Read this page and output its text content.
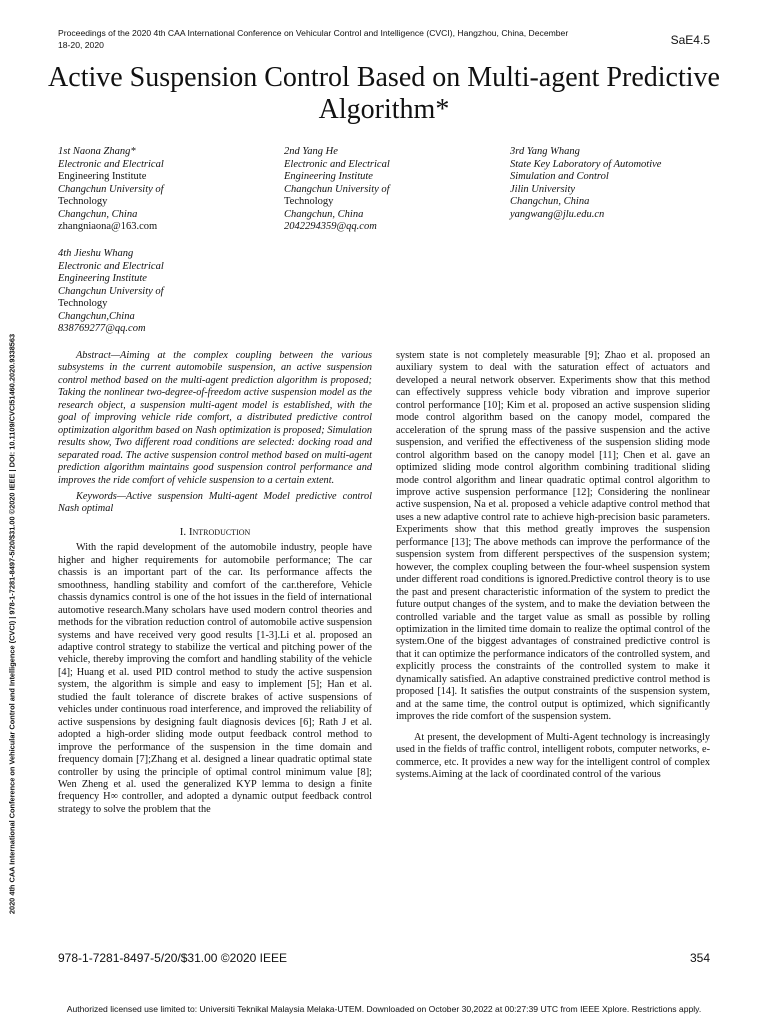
Proceedings of the 2020 4th CAA International Conference on Vehicular Control and Intelligence (CVCI), Hangzhou, China, December 18-20, 2020	SaE4.5
Active Suspension Control Based on Multi-agent Predictive Algorithm*
1st Naona Zhang*
Electronic and Electrical
Engineering Institute
Changchun University of
Technology
Changchun, China
zhangniaona@163.com
2nd Yang He
Electronic and Electrical
Engineering Institute
Changchun University of
Technology
Changchun, China
2042294359@qq.com
3rd Yang Whang
State Key Laboratory of Automotive
Simulation and Control
Jilin University
Changchun, China
yangwang@jlu.edu.cn
4th Jieshu Whang
Electronic and Electrical
Engineering Institute
Changchun University of
Technology
Changchun,China
838769277@qq.com
2020 4th CAA International Conference on Vehicular Control and Intelligence (CVCI) | 978-1-7281-8497-5/20/$31.00 ©2020 IEEE | DOI: 10.1109/CVCI51460.2020.9338563	Abstract—Aiming at the complex coupling between the various subsystems in the current automobile suspension, an active suspension control method based on the multi-agent prediction algorithm is proposed; Taking the nonlinear two-degree-of-freedom active suspension model as the research object, a suspension multi-agent model is established, with the goal of improving vehicle ride comfort, a distributed predictive control optimization algorithm based on Nash optimization is proposed; Simulation results show, Two different road conditions are selected: docking road and separated road. The active suspension control method based on multi-agent prediction algorithm maintains good suspension control performance and improves the ride comfort of vehicle suspension to a certain extent.

Keywords—Active suspension Multi-agent Model predictive control Nash optimal

I. Introduction

With the rapid development of the automobile industry, people have higher and higher requirements for automobile performance; The car chassis is an important part of the car. Its performance affects the smoothness, handling stability and comfort of the car.therefore, Vehicle chassis dynamics control is one of the hot issues in the field of international automotive research.Many scholars have used modern control theories and methods for the vibration reduction control of automobile active suspension systems and have received very good results [1-3].Li et al. proposed an adaptive control strategy to stabilize the vertical and pitching power of the vehicle, thereby improving the comfort and handling stability of the vehicle [4]; Huang et al. used PID control method to study the active suspension system, the algorithm is simple and easy to implement [5]; Han et al. studied the fault tolerance of discrete brakes of active suspensions of vehicles under continuous road interference, and improved the reliability of active suspensions by designing fault diagnosis devices [6]; Rath J et al. adopted a high-order sliding mode output feedback control method to improve the performance of the suspension in the time domain and frequency domain [7];Zhang et al. designed a linear quadratic optimal state controller by using the principle of optimal control minimum value [8]; Wen Zheng et al. used the generalized KYP lemma to design a finite frequency H∞ controller, and adopted a dynamic output feedback control strategy to solve the problem that the

system state is not completely measurable [9]; Zhao et al. proposed an auxiliary system to deal with the saturation effect of actuators and developed a neural network observer. Experiments show that this method can effectively suppress vehicle body vibration and improve superior control performance [10]; Kim et al. proposed an active suspension sliding mode control algorithm based on the canopy model, compared the acceleration of the sprung mass of the passive suspension and the active suspension, and verified the effectiveness of the suspension sliding mode control algorithm based on the canopy model [11]; Chen et al. gave an optimized sliding mode control algorithm combining traditional sliding mode control algorithm and linear quadratic optimal control algorithm to improve active suspension performance [12]; Considering the nonlinear active suspension, Na et al. proposed a vehicle adaptive control method that uses a new adaptive control rate to achieve high-precision basic parameters. Experiments show that this method greatly improves the suspension performance [13]; The above methods can improve the performance of the suspension system from different perspectives of the suspension system; however, the complex coupling between the four-wheel suspension system under different road conditions is ignored.Predictive control theory is to use the past and present characteristic information of the system to predict the future output changes of the system, and to make the deviation between the controlled variable and the target value as small as possible by rolling optimization in the limited time domain to realize the optimal control of the system.One of the biggest advantages of constrained predictive control is that it can optimize the performance indicators of the controlled system, and explicitly process the constraints of the controlled system to make it dynamically satisfied. An adaptive constrained predictive control method is proposed [14]. It satisfies the output constraints of the suspension system, and at the same time, the control output is optimized, which significantly improves the ride comfort of the suspension system.

At present, the development of Multi-Agent technology is increasingly used in the fields of traffic control, intelligent robots, computer networks, e-commerce, etc. It provides a new way for the intelligent control of complex systems.Aiming at the lack of coordinated control of the various

978-1-7281-8497-5/20/$31.00 ©2020 IEEE	354
Authorized licensed use limited to: Universiti Teknikal Malaysia Melaka-UTEM. Downloaded on October 30,2022 at 00:27:39 UTC from IEEE Xplore. Restrictions apply.
